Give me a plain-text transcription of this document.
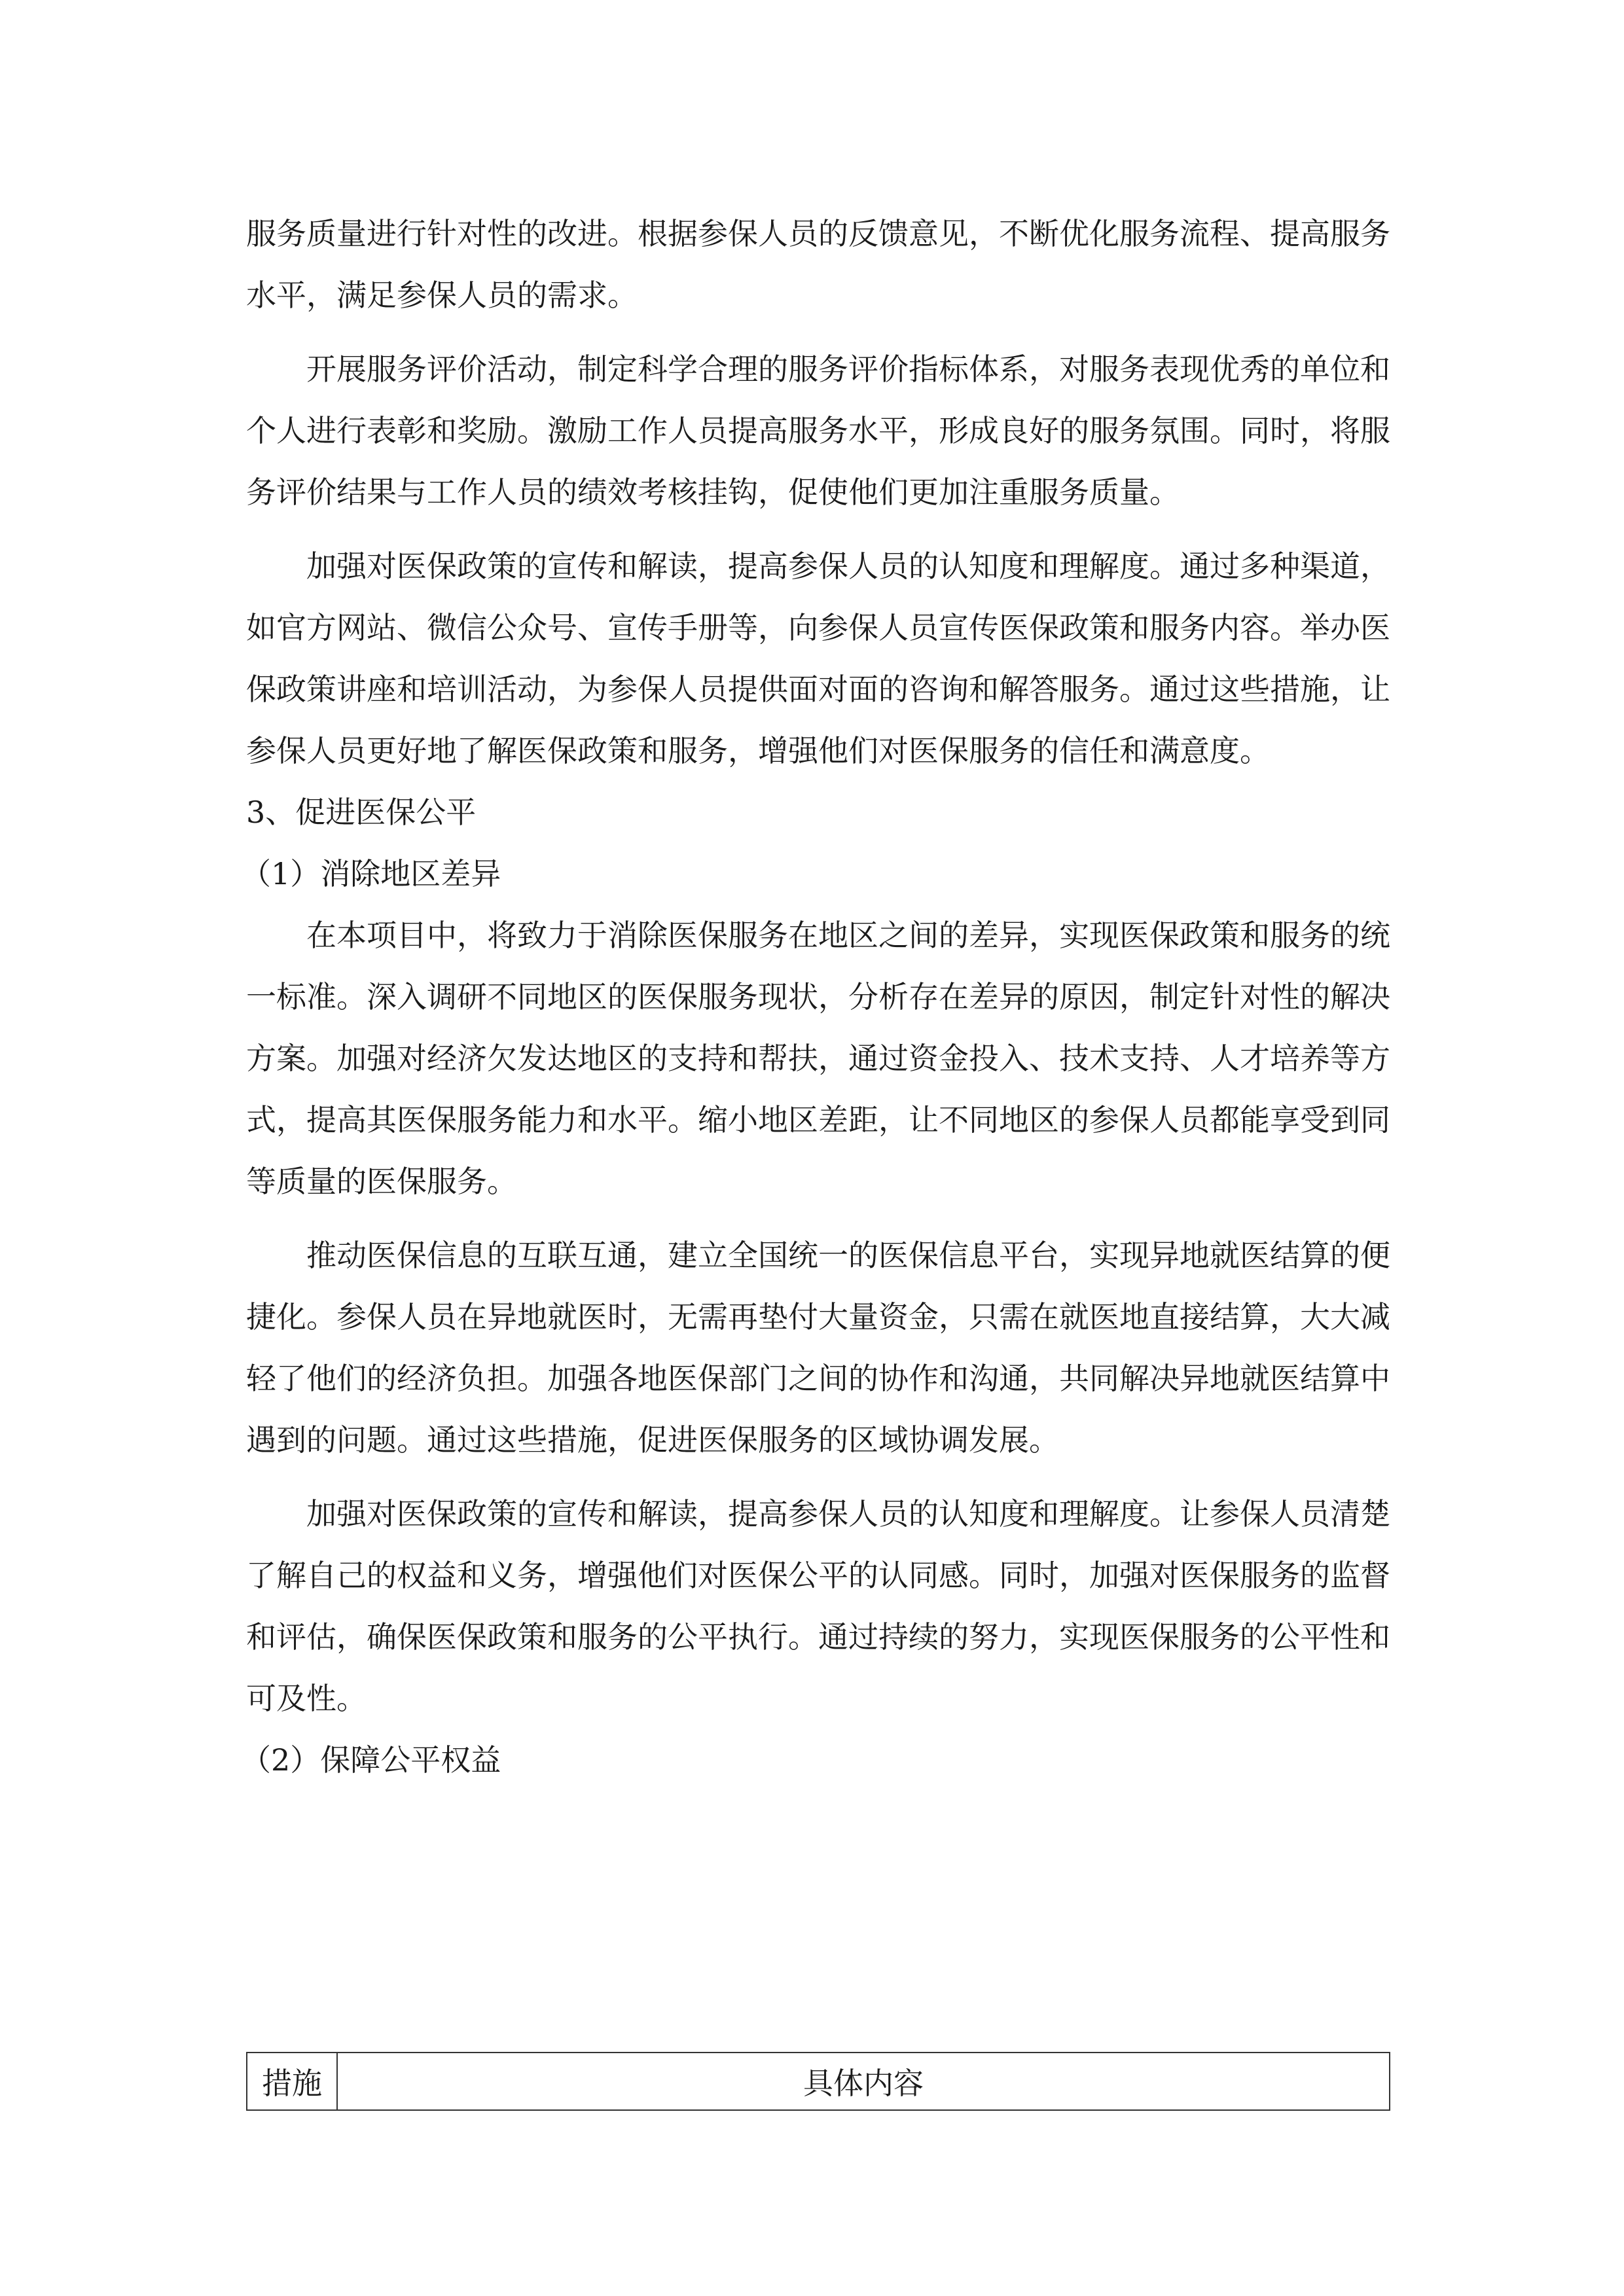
服务质量进行针对性的改进。根据参保人员的反馈意见，不断优化服务流程、提高服务水平，满足参保人员的需求。

开展服务评价活动，制定科学合理的服务评价指标体系，对服务表现优秀的单位和个人进行表彰和奖励。激励工作人员提高服务水平，形成良好的服务氛围。同时，将服务评价结果与工作人员的绩效考核挂钩，促使他们更加注重服务质量。

加强对医保政策的宣传和解读，提高参保人员的认知度和理解度。通过多种渠道，如官方网站、微信公众号、宣传手册等，向参保人员宣传医保政策和服务内容。举办医保政策讲座和培训活动，为参保人员提供面对面的咨询和解答服务。通过这些措施，让参保人员更好地了解医保政策和服务，增强他们对医保服务的信任和满意度。

3、促进医保公平

（1）消除地区差异

在本项目中，将致力于消除医保服务在地区之间的差异，实现医保政策和服务的统一标准。深入调研不同地区的医保服务现状，分析存在差异的原因，制定针对性的解决方案。加强对经济欠发达地区的支持和帮扶，通过资金投入、技术支持、人才培养等方式，提高其医保服务能力和水平。缩小地区差距，让不同地区的参保人员都能享受到同等质量的医保服务。

推动医保信息的互联互通，建立全国统一的医保信息平台，实现异地就医结算的便捷化。参保人员在异地就医时，无需再垫付大量资金，只需在就医地直接结算，大大减轻了他们的经济负担。加强各地医保部门之间的协作和沟通，共同解决异地就医结算中遇到的问题。通过这些措施，促进医保服务的区域协调发展。

加强对医保政策的宣传和解读，提高参保人员的认知度和理解度。让参保人员清楚了解自己的权益和义务，增强他们对医保公平的认同感。同时，加强对医保服务的监督和评估，确保医保政策和服务的公平执行。通过持续的努力，实现医保服务的公平性和可及性。

（2）保障公平权益

措施	具体内容
